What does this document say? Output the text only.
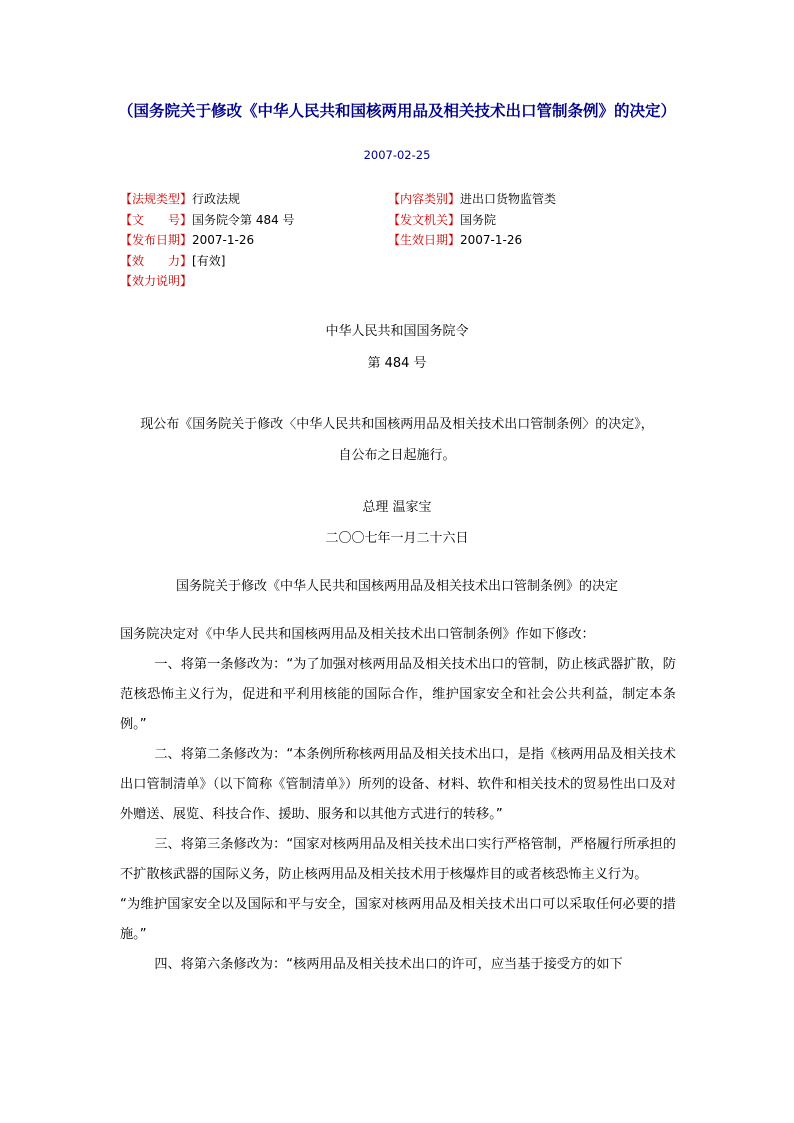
（国务院关于修改《中华人民共和国核两用品及相关技术出口管制条例》的决定）
2007-02-25
【法规类型】 行政法规	【内容类别】 进出口货物监管类
【文　　号】 国务院令第 484 号	【发文机关】 国务院
【发布日期】 2007-1-26	【生效日期】 2007-1-26
【效　　力】 [有效]
【效力说明】
中华人民共和国国务院令
第 484 号
现公布《国务院关于修改〈中华人民共和国核两用品及相关技术出口管制条例〉的决定》，
自公布之日起施行。
总理 温家宝
二〇〇七年一月二十六日
国务院关于修改《中华人民共和国核两用品及相关技术出口管制条例》的决定

国务院决定对《中华人民共和国核两用品及相关技术出口管制条例》作如下修改：

一、将第一条修改为：“为了加强对核两用品及相关技术出口的管制，防止核武器扩散，防范核恐怖主义行为，促进和平利用核能的国际合作，维护国家安全和社会公共利益，制定本条例。”

二、将第二条修改为：“本条例所称核两用品及相关技术出口，是指《核两用品及相关技术出口管制清单》（以下简称《管制清单》）所列的设备、材料、软件和相关技术的贸易性出口及对外赠送、展览、科技合作、援助、服务和以其他方式进行的转移。”

三、将第三条修改为：“国家对核两用品及相关技术出口实行严格管制，严格履行所承担的不扩散核武器的国际义务，防止核两用品及相关技术用于核爆炸目的或者核恐怖主义行为。

“为维护国家安全以及国际和平与安全，国家对核两用品及相关技术出口可以采取任何必要的措施。”

四、将第六条修改为：“核两用品及相关技术出口的许可，应当基于接受方的如下
